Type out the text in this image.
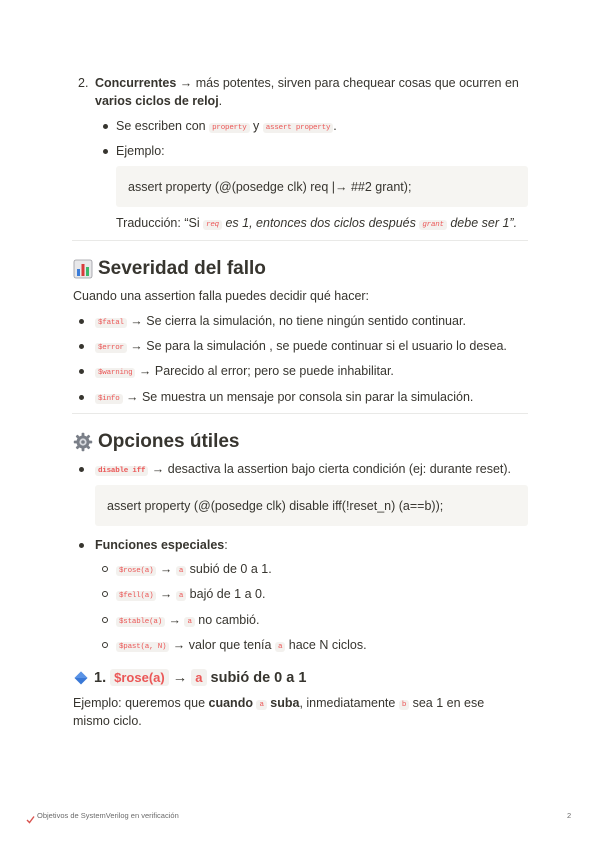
2. Concurrentes → más potentes, sirven para chequear cosas que ocurren en
varios ciclos de reloj.
Se escriben con property y assert property .
Ejemplo:
assert property (@(posedge clk) req |→ ##2 grant);
Traducción: “Si req es 1, entonces dos ciclos después grant debe ser 1”.
Severidad del fallo
Cuando una assertion falla puedes decidir qué hacer:
$fatal → Se cierra la simulación, no tiene ningún sentido continuar.
$error → Se para la simulación , se puede continuar si el usuario lo desea.
$warning → Parecido al error; pero se puede inhabilitar.
$info → Se muestra un mensaje por consola sin parar la simulación.
Opciones útiles
disable iff → desactiva la assertion bajo cierta condición (ej: durante reset).
assert property (@(posedge clk) disable iff(!reset_n) (a==b));
Funciones especiales:
$rose(a) → a subió de 0 a 1.
$fell(a) → a bajó de 1 a 0.
$stable(a) → a no cambió.
$past(a, N) → valor que tenía a hace N ciclos.
1. $rose(a) → a subió de 0 a 1
Ejemplo: queremos que cuando a suba, inmediatamente b sea 1 en ese
mismo ciclo.
Objetivos de SystemVerilog en verificación	2
